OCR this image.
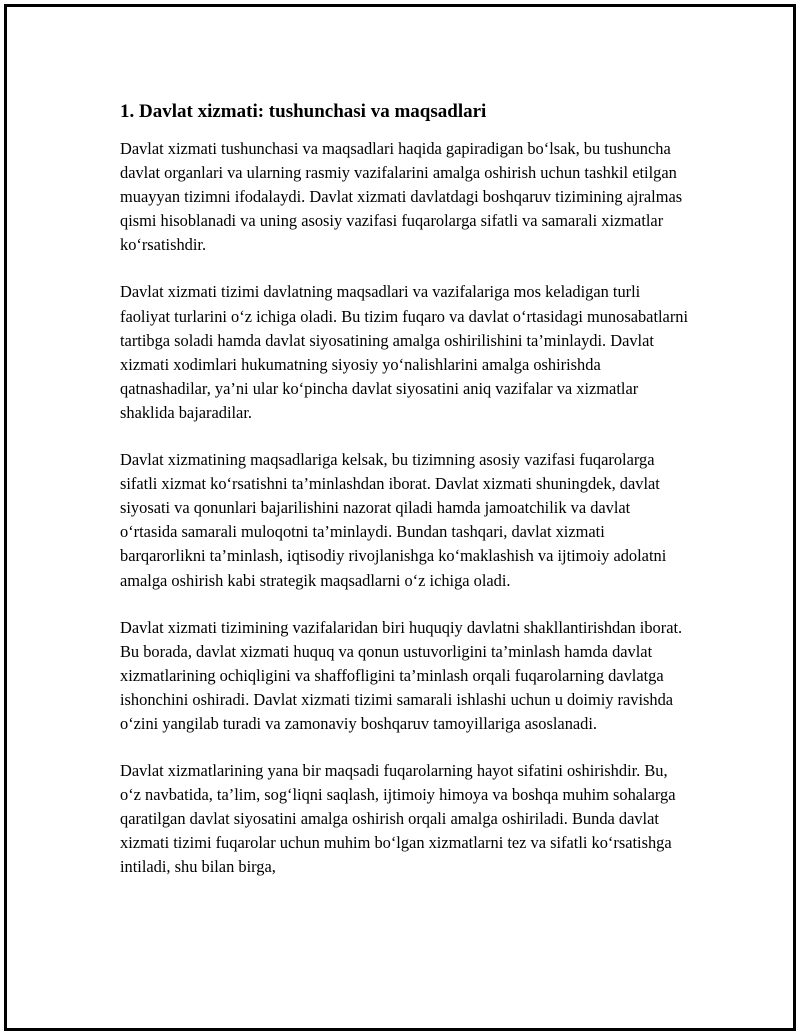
1. Davlat xizmati: tushunchasi va maqsadlari

Davlat xizmati tushunchasi va maqsadlari haqida gapiradigan bo‘lsak, bu tushuncha davlat organlari va ularning rasmiy vazifalarini amalga oshirish uchun tashkil etilgan muayyan tizimni ifodalaydi. Davlat xizmati davlatdagi boshqaruv tizimining ajralmas qismi hisoblanadi va uning asosiy vazifasi fuqarolarga sifatli va samarali xizmatlar ko‘rsatishdir.

Davlat xizmati tizimi davlatning maqsadlari va vazifalariga mos keladigan turli faoliyat turlarini o‘z ichiga oladi. Bu tizim fuqaro va davlat o‘rtasidagi munosabatlarni tartibga soladi hamda davlat siyosatining amalga oshirilishini ta’minlaydi. Davlat xizmati xodimlari hukumatning siyosiy yo‘nalishlarini amalga oshirishda qatnashadilar, ya’ni ular ko‘pincha davlat siyosatini aniq vazifalar va xizmatlar shaklida bajaradilar.

Davlat xizmatining maqsadlariga kelsak, bu tizimning asosiy vazifasi fuqarolarga sifatli xizmat ko‘rsatishni ta’minlashdan iborat. Davlat xizmati shuningdek, davlat siyosati va qonunlari bajarilishini nazorat qiladi hamda jamoatchilik va davlat o‘rtasida samarali muloqotni ta’minlaydi. Bundan tashqari, davlat xizmati barqarorlikni ta’minlash, iqtisodiy rivojlanishga ko‘maklashish va ijtimoiy adolatni amalga oshirish kabi strategik maqsadlarni o‘z ichiga oladi.

Davlat xizmati tizimining vazifalaridan biri huquqiy davlatni shakllantirishdan iborat. Bu borada, davlat xizmati huquq va qonun ustuvorligini ta’minlash hamda davlat xizmatlarining ochiqligini va shaffofligini ta’minlash orqali fuqarolarning davlatga ishonchini oshiradi. Davlat xizmati tizimi samarali ishlashi uchun u doimiy ravishda o‘zini yangilab turadi va zamonaviy boshqaruv tamoyillariga asoslanadi.

Davlat xizmatlarining yana bir maqsadi fuqarolarning hayot sifatini oshirishdir. Bu, o‘z navbatida, ta’lim, sog‘liqni saqlash, ijtimoiy himoya va boshqa muhim sohalarga qaratilgan davlat siyosatini amalga oshirish orqali amalga oshiriladi. Bunda davlat xizmati tizimi fuqarolar uchun muhim bo‘lgan xizmatlarni tez va sifatli ko‘rsatishga intiladi, shu bilan birga,
